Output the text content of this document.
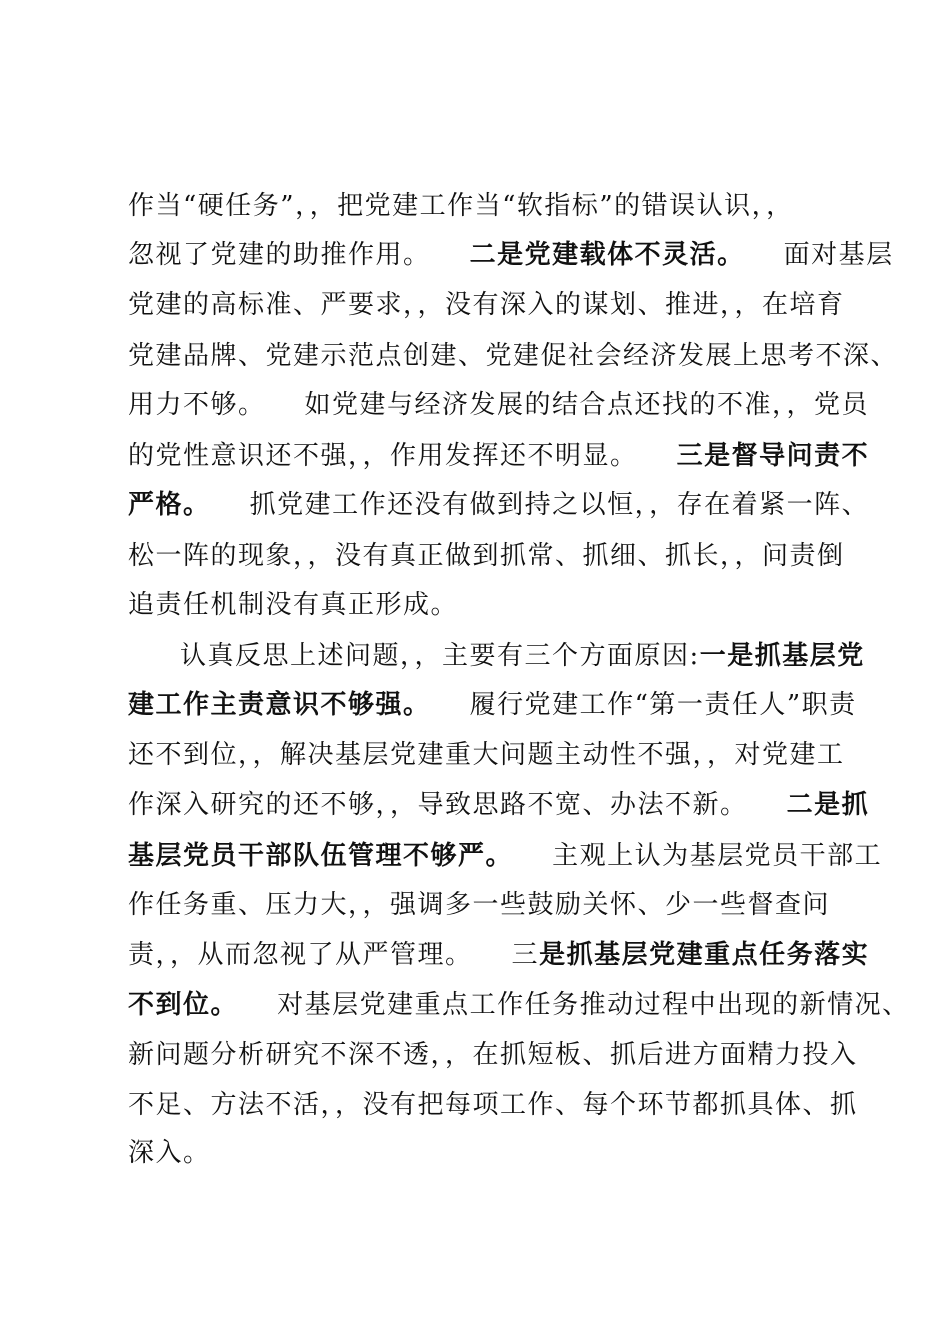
作当“硬任务”，，把党建工作当“软指标”的错误认识，，
忽视了党建的助推作用。    二是党建载体不灵活。    面对基层
党建的高标准、严要求，，没有深入的谋划、推进，，在培育
党建品牌、党建示范点创建、党建促社会经济发展上思考不深、
用力不够。    如党建与经济发展的结合点还找的不准，，党员
的党性意识还不强，，作用发挥还不明显。    三是督导问责不
严格。    抓党建工作还没有做到持之以恒，，存在着紧一阵、
松一阵的现象，，没有真正做到抓常、抓细、抓长，，问责倒
追责任机制没有真正形成。
认真反思上述问题，，主要有三个方面原因:一是抓基层党
建工作主责意识不够强。    履行党建工作“第一责任人”职责
还不到位，，解决基层党建重大问题主动性不强，，对党建工
作深入研究的还不够，，导致思路不宽、办法不新。    二是抓
基层党员干部队伍管理不够严。    主观上认为基层党员干部工
作任务重、压力大，，强调多一些鼓励关怀、少一些督查问
责，，从而忽视了从严管理。    三是抓基层党建重点任务落实
不到位。    对基层党建重点工作任务推动过程中出现的新情况、
新问题分析研究不深不透，，在抓短板、抓后进方面精力投入
不足、方法不活，，没有把每项工作、每个环节都抓具体、抓
深入。
